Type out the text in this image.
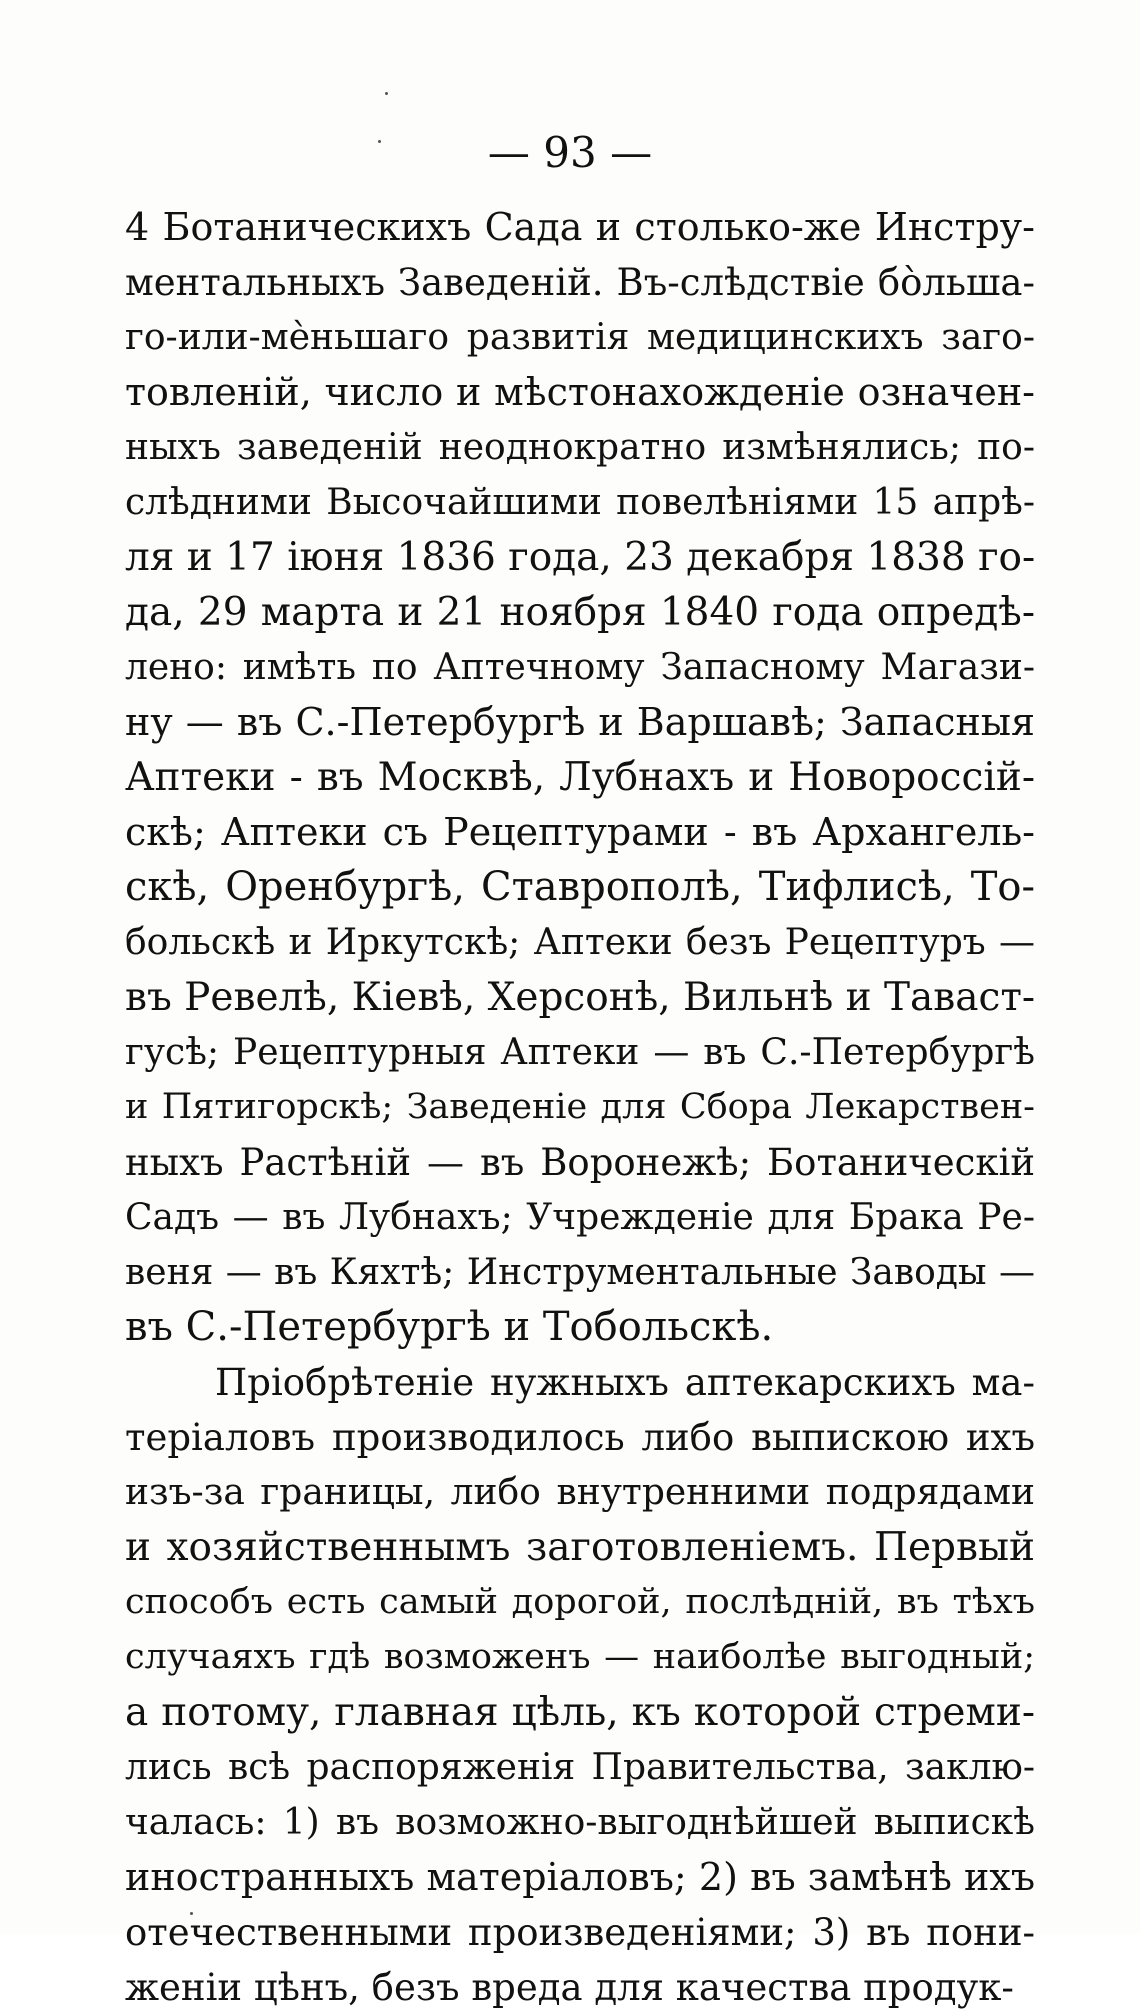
— 93 —
4 Ботаническихъ Сада и столько-же Инстру-
ментальныхъ Заведеній. Въ-слѣдствіе бо̀льша-
го-или-мѐньшаго развитія медицинскихъ заго-
товленій, число и мѣстонахожденіе означен-
ныхъ заведеній неоднократно измѣнялись; по-
слѣдними Высочайшими повелѣніями 15 апрѣ-
ля и 17 іюня 1836 года, 23 декабря 1838 го-
да, 29 марта и 21 ноября 1840 года опредѣ-
лено: имѣть по Аптечному Запасному Магази-
ну — въ С.-Петербургѣ и Варшавѣ; Запасныя
Аптеки - въ Москвѣ, Лубнахъ и Новороссій-
скѣ; Аптеки съ Рецептурами - въ Архангель-
скѣ, Оренбургѣ, Ставрополѣ, Тифлисѣ, То-
больскѣ и Иркутскѣ; Аптеки безъ Рецептуръ —
въ Ревелѣ, Кіевѣ, Херсонѣ, Вильнѣ и Таваст-
гусѣ; Рецептурныя Аптеки — въ С.-Петербургѣ
и Пятигорскѣ; Заведеніе для Сбора Лекарствен-
ныхъ Растѣній — въ Воронежѣ; Ботаническій
Садъ — въ Лубнахъ; Учрежденіе для Брака Ре-
веня — въ Кяхтѣ; Инструментальные Заводы —
въ С.-Петербургѣ и Тобольскѣ.
Пріобрѣтеніе нужныхъ аптекарскихъ ма-
теріаловъ производилось либо выпискою ихъ
изъ-за границы, либо внутренними подрядами
и хозяйственнымъ заготовленіемъ. Первый
способъ есть самый дорогой, послѣдній, въ тѣхъ
случаяхъ гдѣ возможенъ — наиболѣе выгодный;
а потому, главная цѣль, къ которой стреми-
лись всѣ распоряженія Правительства, заклю-
чалась: 1) въ возможно-выгоднѣйшей выпискѣ
иностранныхъ матеріаловъ; 2) въ замѣнѣ ихъ
отечественными произведеніями; 3) въ пони-
женіи цѣнъ, безъ вреда для качества продук-
